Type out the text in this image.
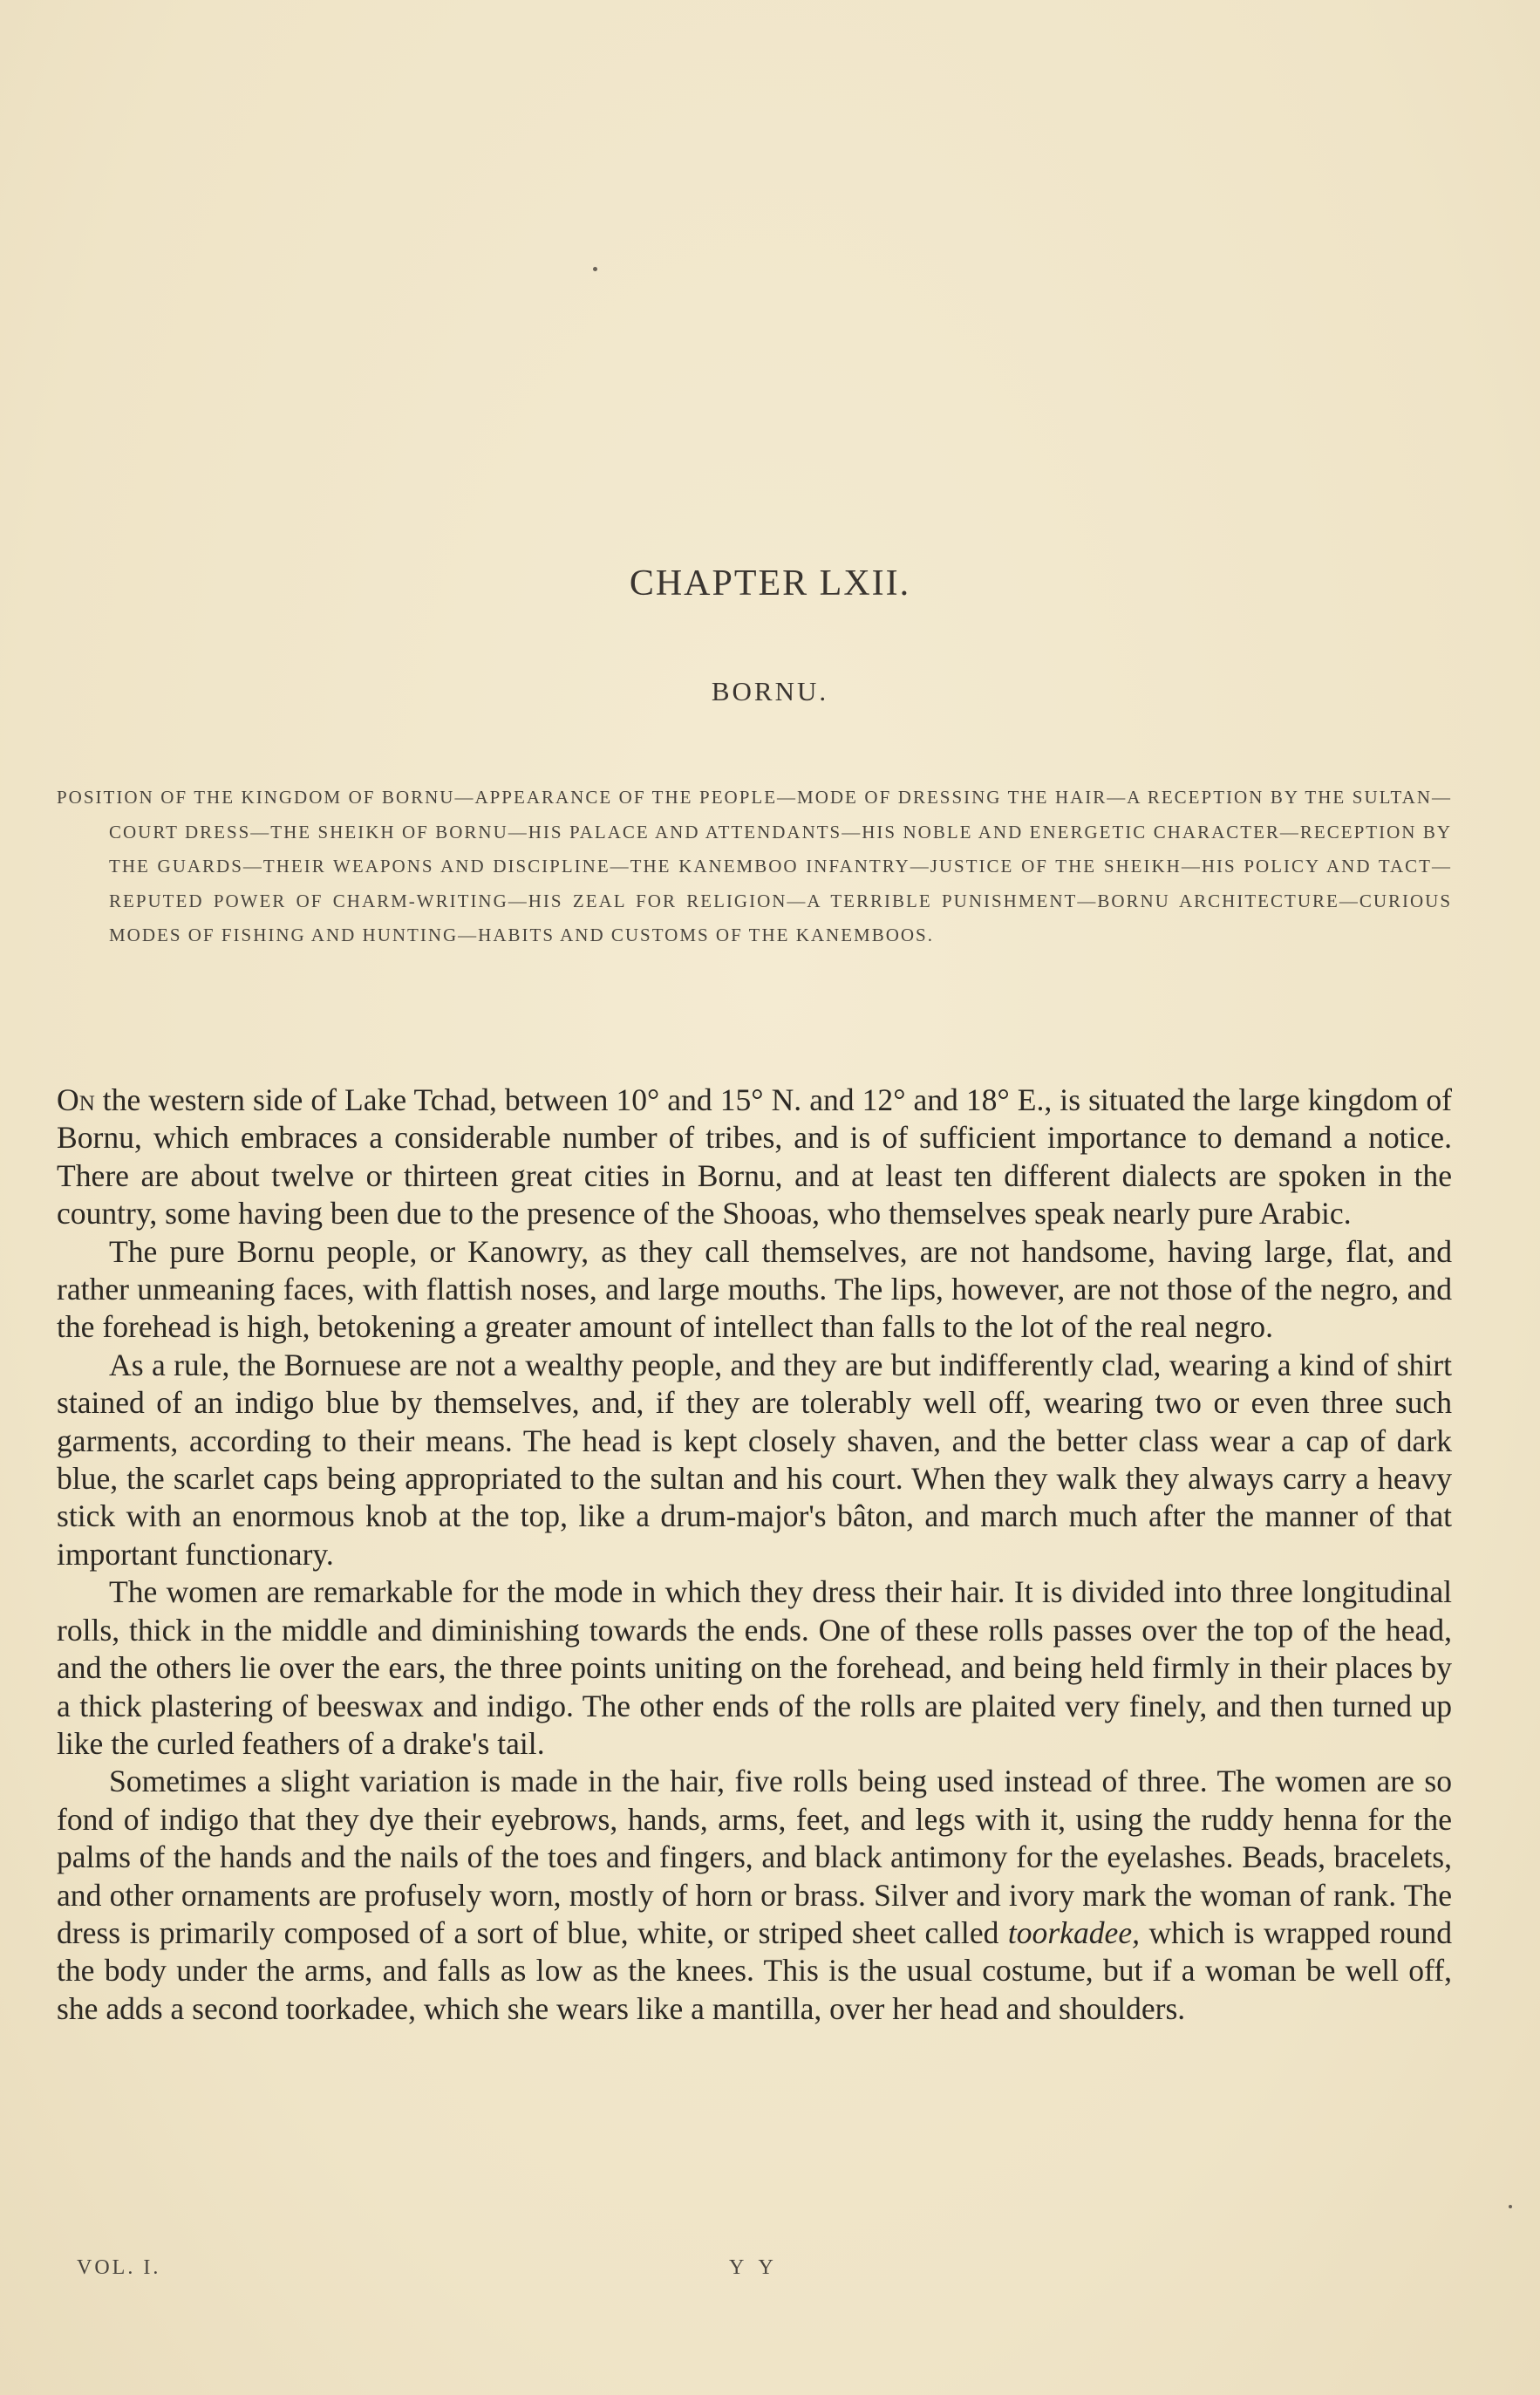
CHAPTER LXII.
BORNU.
POSITION OF THE KINGDOM OF BORNU—APPEARANCE OF THE PEOPLE—MODE OF DRESSING THE HAIR—A RECEPTION BY THE SULTAN—COURT DRESS—THE SHEIKH OF BORNU—HIS PALACE AND ATTENDANTS—HIS NOBLE AND ENERGETIC CHARACTER—RECEPTION BY THE GUARDS—THEIR WEAPONS AND DISCIPLINE—THE KANEMBOO INFANTRY—JUSTICE OF THE SHEIKH—HIS POLICY AND TACT—REPUTED POWER OF CHARM-WRITING—HIS ZEAL FOR RELIGION—A TERRIBLE PUNISHMENT—BORNU ARCHITECTURE—CURIOUS MODES OF FISHING AND HUNTING—HABITS AND CUSTOMS OF THE KANEMBOOS.

On the western side of Lake Tchad, between 10° and 15° N. and 12° and 18° E., is situated the large kingdom of Bornu, which embraces a considerable number of tribes, and is of sufficient importance to demand a notice. There are about twelve or thirteen great cities in Bornu, and at least ten different dialects are spoken in the country, some having been due to the presence of the Shooas, who themselves speak nearly pure Arabic.

The pure Bornu people, or Kanowry, as they call themselves, are not handsome, having large, flat, and rather unmeaning faces, with flattish noses, and large mouths. The lips, however, are not those of the negro, and the forehead is high, betokening a greater amount of intellect than falls to the lot of the real negro.

As a rule, the Bornuese are not a wealthy people, and they are but indifferently clad, wearing a kind of shirt stained of an indigo blue by themselves, and, if they are tolerably well off, wearing two or even three such garments, according to their means. The head is kept closely shaven, and the better class wear a cap of dark blue, the scarlet caps being appropriated to the sultan and his court. When they walk they always carry a heavy stick with an enormous knob at the top, like a drum-major's bâton, and march much after the manner of that important functionary.

The women are remarkable for the mode in which they dress their hair. It is divided into three longitudinal rolls, thick in the middle and diminishing towards the ends. One of these rolls passes over the top of the head, and the others lie over the ears, the three points uniting on the forehead, and being held firmly in their places by a thick plastering of beeswax and indigo. The other ends of the rolls are plaited very finely, and then turned up like the curled feathers of a drake's tail.

Sometimes a slight variation is made in the hair, five rolls being used instead of three. The women are so fond of indigo that they dye their eyebrows, hands, arms, feet, and legs with it, using the ruddy henna for the palms of the hands and the nails of the toes and fingers, and black antimony for the eyelashes. Beads, bracelets, and other ornaments are profusely worn, mostly of horn or brass. Silver and ivory mark the woman of rank. The dress is primarily composed of a sort of blue, white, or striped sheet called toorkadee, which is wrapped round the body under the arms, and falls as low as the knees. This is the usual costume, but if a woman be well off, she adds a second toorkadee, which she wears like a mantilla, over her head and shoulders.

VOL. I.	Y Y
